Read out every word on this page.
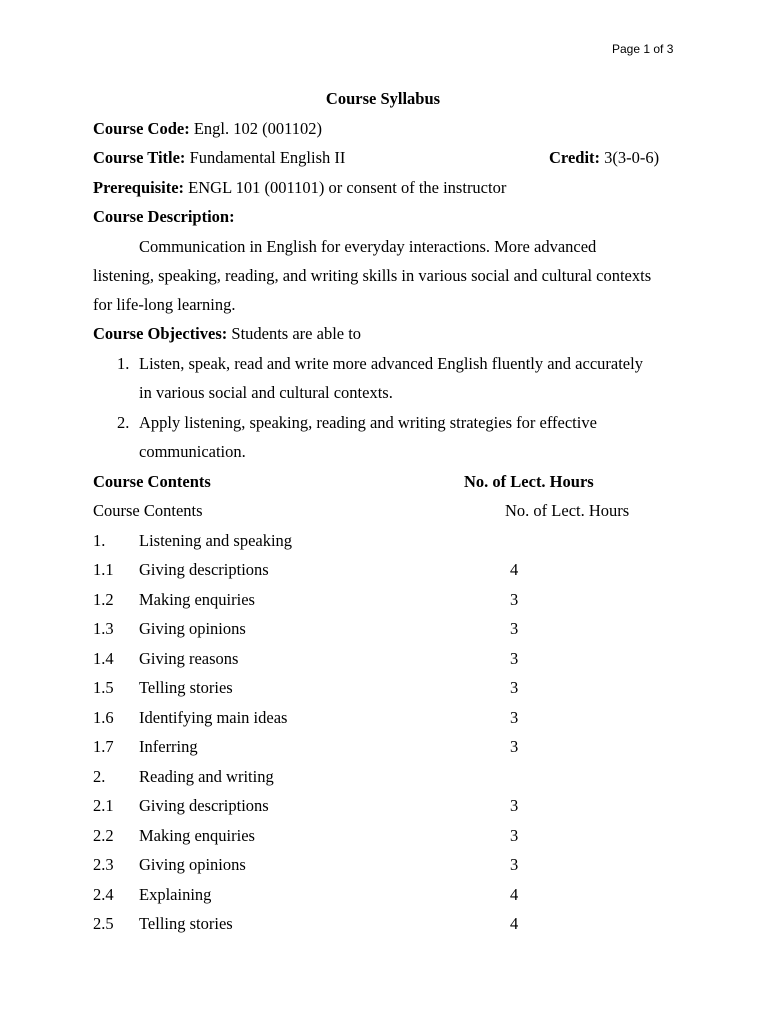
Page 1 of 3
Course Syllabus
Course Code: Engl. 102 (001102)
Course Title: Fundamental English II	Credit: 3(3-0-6)
Prerequisite: ENGL 101 (001101) or consent of the instructor
Course Description:

Communication in English for everyday interactions. More advanced listening, speaking, reading, and writing skills in various social and cultural contexts for life-long learning.

Course Objectives: Students are able to
1. Listen, speak, read and write more advanced English fluently and accurately in various social and cultural contexts.
2. Apply listening, speaking, reading and writing strategies for effective communication.
Course Contents	No. of Lect. Hours
Course Contents	No. of Lect. Hours
1. Listening and speaking
1.1 Giving descriptions	4
1.2 Making enquiries	3
1.3 Giving opinions	3
1.4 Giving reasons	3
1.5 Telling stories	3
1.6 Identifying main ideas	3
1.7 Inferring	3
2. Reading and writing
2.1 Giving descriptions	3
2.2 Making enquiries	3
2.3 Giving opinions	3
2.4 Explaining	4
2.5 Telling stories	4
